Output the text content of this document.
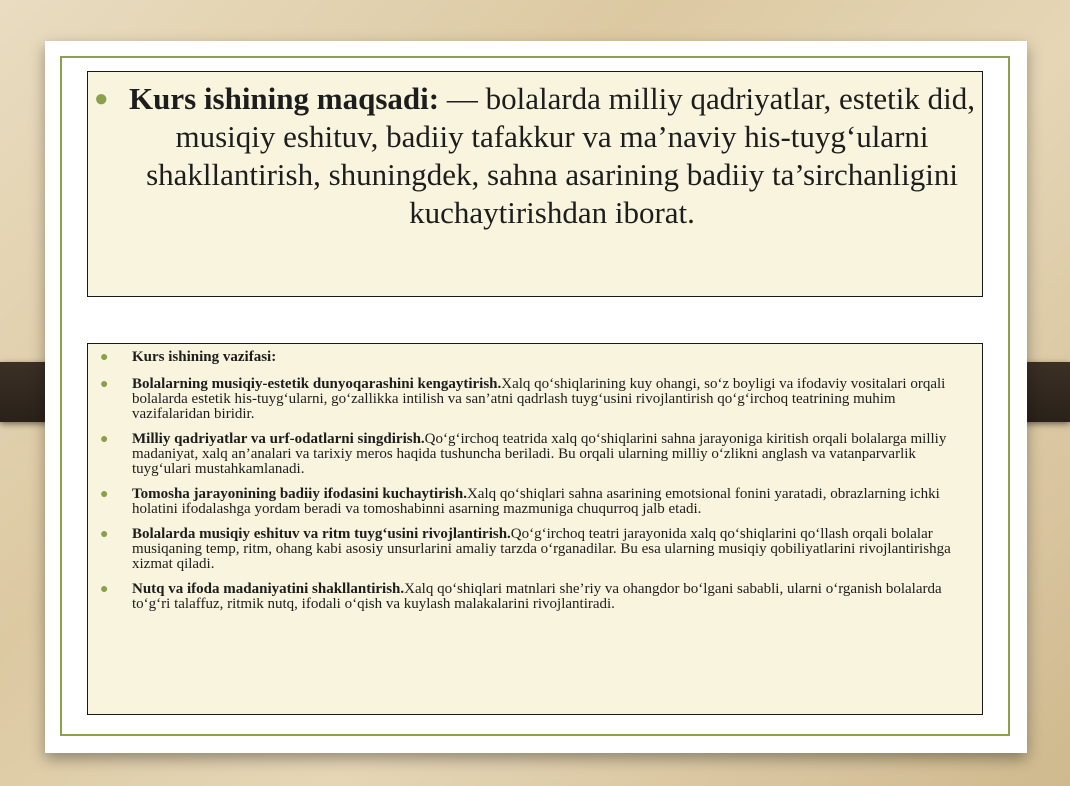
● Kurs ishining maqsadi: — bolalarda milliy qadriyatlar, estetik did, musiqiy eshituv, badiiy tafakkur va ma’naviy his-tuyg‘ularni shakllantirish, shuningdek, sahna asarining badiiy ta’sirchanligini kuchaytirishdan iborat.
● Kurs ishining vazifasi:
● Bolalarning musiqiy-estetik dunyoqarashini kengaytirish.Xalq qo‘shiqlarining kuy ohangi, so‘z boyligi va ifodaviy vositalari orqali bolalarda estetik his-tuyg‘ularni, go‘zallikka intilish va san’atni qadrlash tuyg‘usini rivojlantirish qo‘g‘irchoq teatrining muhim vazifalaridan biridir.
● Milliy qadriyatlar va urf-odatlarni singdirish.Qo‘g‘irchoq teatrida xalq qo‘shiqlarini sahna jarayoniga kiritish orqali bolalarga milliy madaniyat, xalq an’analari va tarixiy meros haqida tushuncha beriladi. Bu orqali ularning milliy o‘zlikni anglash va vatanparvarlik tuyg‘ulari mustahkamlanadi.
● Tomosha jarayonining badiiy ifodasini kuchaytirish.Xalq qo‘shiqlari sahna asarining emotsional fonini yaratadi, obrazlarning ichki holatini ifodalashga yordam beradi va tomoshabinni asarning mazmuniga chuqurroq jalb etadi.
● Bolalarda musiqiy eshituv va ritm tuyg‘usini rivojlantirish.Qo‘g‘irchoq teatri jarayonida xalq qo‘shiqlarini qo‘llash orqali bolalar musiqaning temp, ritm, ohang kabi asosiy unsurlarini amaliy tarzda o‘rganadilar. Bu esa ularning musiqiy qobiliyatlarini rivojlantirishga xizmat qiladi.
● Nutq va ifoda madaniyatini shakllantirish.Xalq qo‘shiqlari matnlari she’riy va ohangdor bo‘lgani sababli, ularni o‘rganish bolalarda to‘g‘ri talaffuz, ritmik nutq, ifodali o‘qish va kuylash malakalarini rivojlantiradi.
